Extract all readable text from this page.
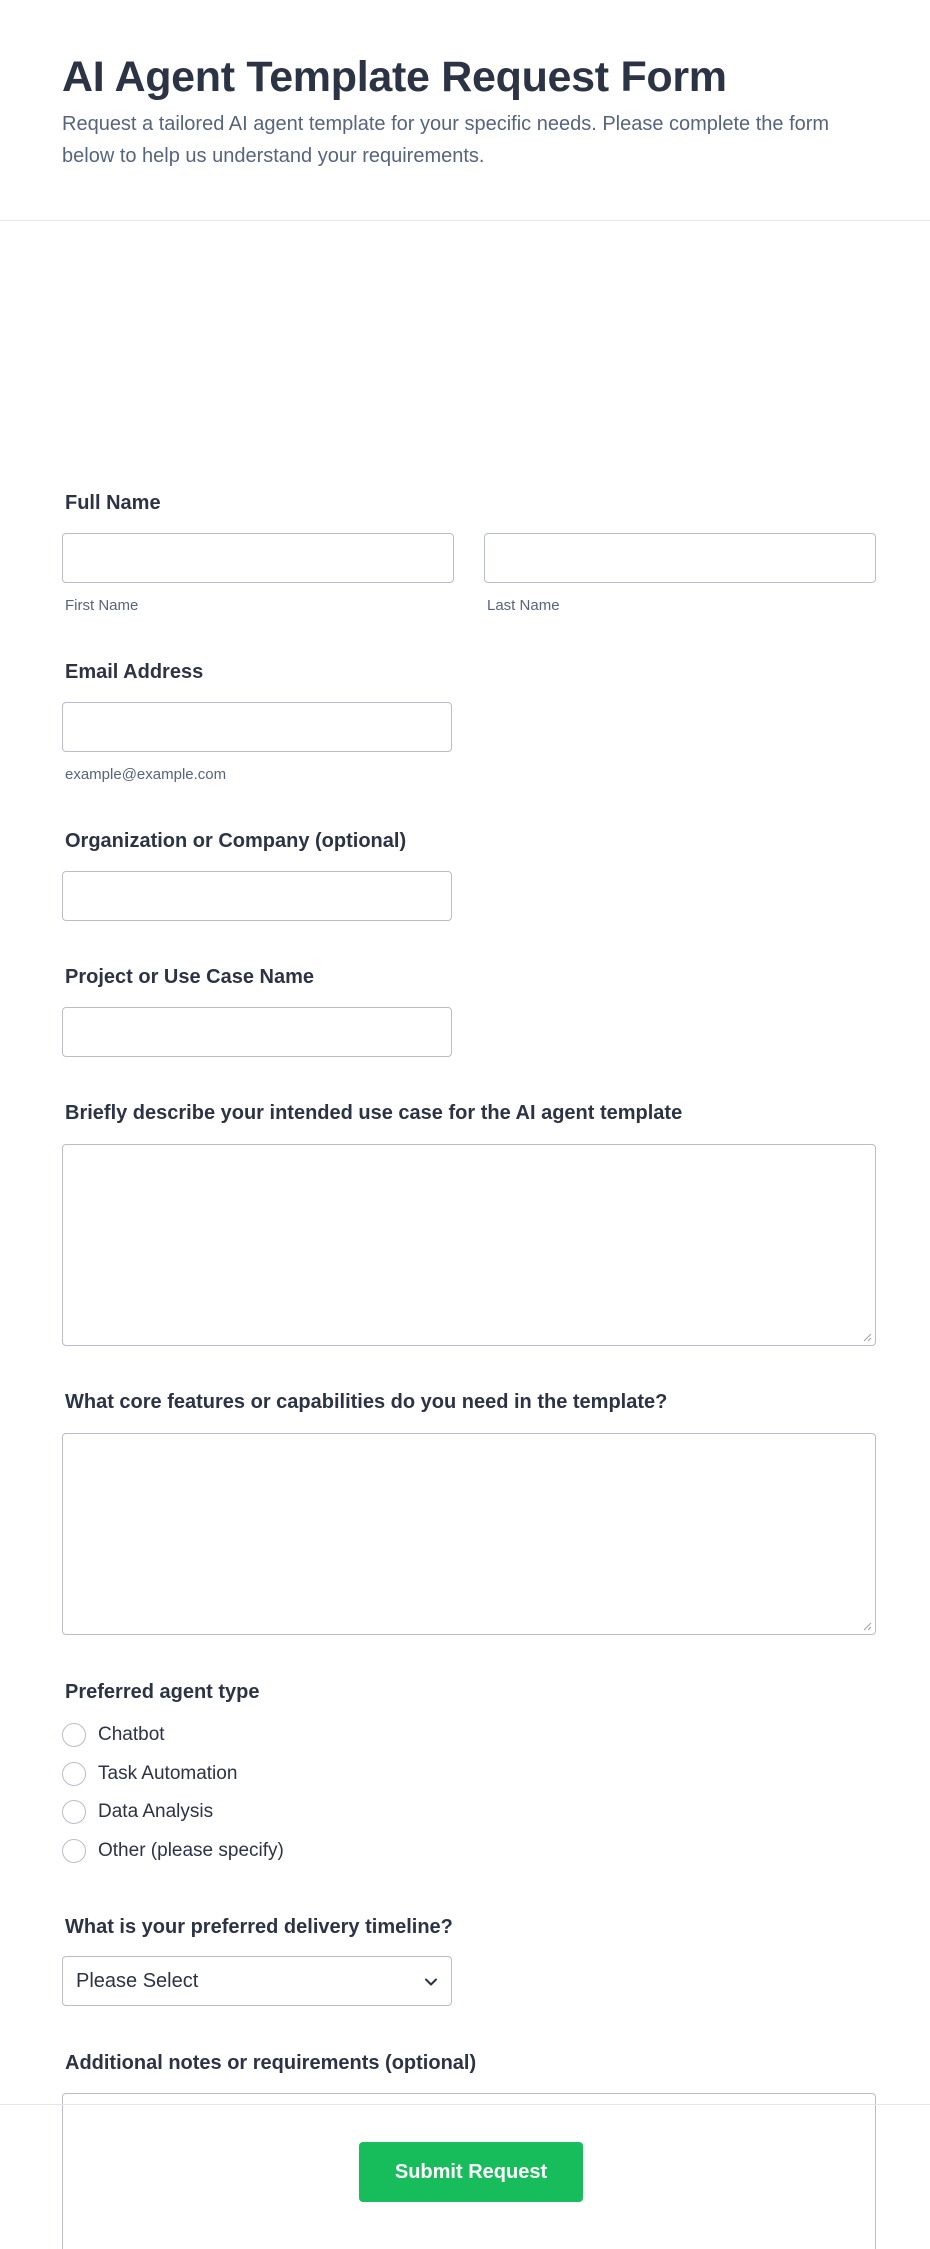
AI Agent Template Request Form
Request a tailored AI agent template for your specific needs. Please complete the form below to help us understand your requirements.
Full Name
First Name	Last Name
Email Address
example@example.com
Organization or Company (optional)
Project or Use Case Name
Briefly describe your intended use case for the AI agent template
What core features or capabilities do you need in the template?
Preferred agent type
Chatbot
Task Automation
Data Analysis
Other (please specify)
What is your preferred delivery timeline?
Please Select
Additional notes or requirements (optional)
Submit Request
